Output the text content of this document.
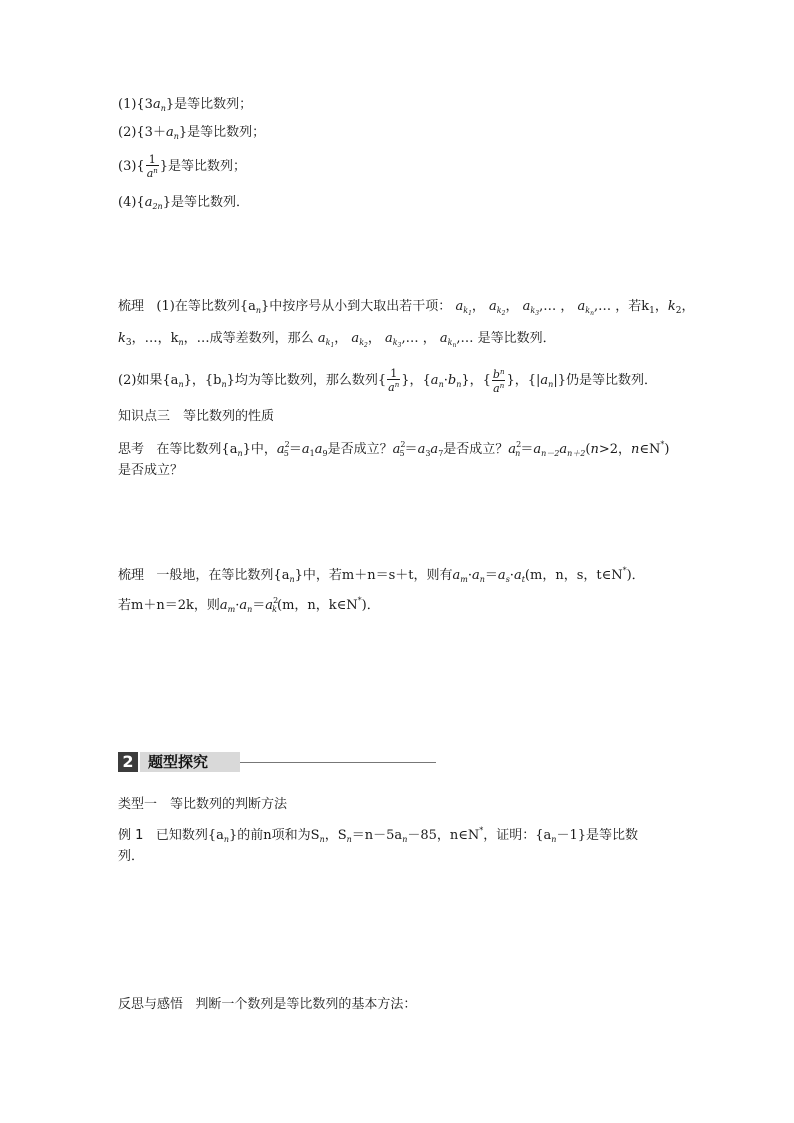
$(1)\{3a_n\}$是等比数列；
$(2)\{3+a_n\}$是等比数列；
$(3)\{ \frac{1}{a^n}$ }是等比数列；
$(4)\{a_{2n}\}$是等比数列．
梳理 (1)在等比数列$\{a_n\}$中按序号从小到大取出若干项： $a_{k_1}$， $a_{k_2}$， $a_{k_3},\dots$ ， $a_{k_n},\dots$ ，若$k_1$，$k_2$，
$k_3$，…，$k_n$，…成等差数列，那么 $a_{k_1}$， $a_{k_2}$， $a_{k_3},\dots$ ， $a_{k_n},\dots$ 是等比数列．
(2)如果$\{a_n\}$，$\{b_n\}$均为等比数列，那么数列{ $\frac{1}{a^n}$ }，$\{a_n\cdot b_n\}$，{ $\frac{b^n}{a^n}$ }，$\{|a_n|\}$仍是等比数列．
知识点三　等比数列的性质
思考 在等比数列$\{a_n\}$中，$a^2_5=a_1a_9$是否成立？$a^2_5=a_3a_7$是否成立？$a^2_n=a_{n-2}a_{n+2}(n>2$，n∈N*)
是否成立？
梳理 一般地，在等比数列$\{a_n\}$中，若m＋n＝s＋t，则有$a_m\cdot a_n=a_s\cdot a_t(m$，n，s，t∈N*)．
若m＋n＝2k，则$a_m\cdot a_n=a^2_k(m$，n，k∈N*)．
2 题型探究
类型一　等比数列的判断方法
例 1 已知数列$\{a_n\}$的前n项和为$S_n$，$S_n=n-5a_n-85$，n∈N*，证明：$\{a_n-1\}$是等比数
列．
反思与感悟 判断一个数列是等比数列的基本方法：
